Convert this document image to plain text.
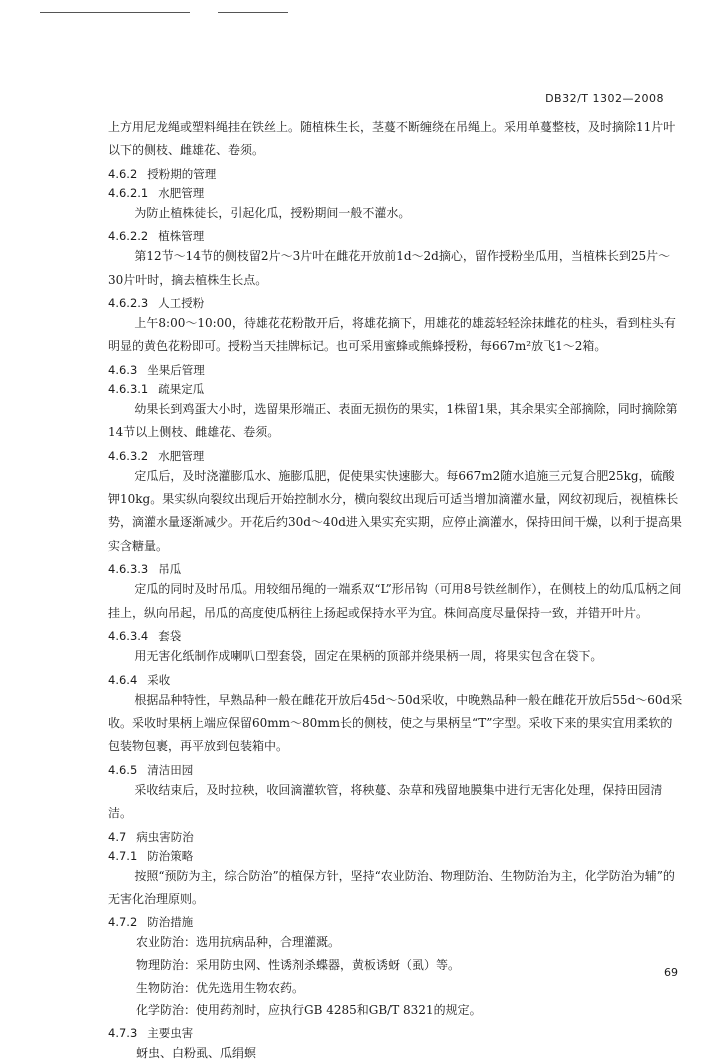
DB32/T 1302—2008
上方用尼龙绳或塑料绳挂在铁丝上。随植株生长，茎蔓不断缠绕在吊绳上。采用单蔓整枝，及时摘除11片叶以下的侧枝、雌雄花、卷须。
4.6.2 授粉期的管理
4.6.2.1 水肥管理
为防止植株徒长，引起化瓜，授粉期间一般不灌水。
4.6.2.2 植株管理
第12节～14节的侧枝留2片～3片叶在雌花开放前1d～2d摘心，留作授粉坐瓜用，当植株长到25片～30片叶时，摘去植株生长点。
4.6.2.3 人工授粉
上午8:00～10:00，待雄花花粉散开后，将雄花摘下，用雄花的雄蕊轻轻涂抹雌花的柱头，看到柱头有明显的黄色花粉即可。授粉当天挂牌标记。也可采用蜜蜂或熊蜂授粉，每667m²放飞1～2箱。
4.6.3 坐果后管理
4.6.3.1 疏果定瓜
幼果长到鸡蛋大小时，选留果形端正、表面无损伤的果实，1株留1果，其余果实全部摘除，同时摘除第14节以上侧枝、雌雄花、卷须。
4.6.3.2 水肥管理
定瓜后，及时浇灌膨瓜水、施膨瓜肥，促使果实快速膨大。每667m2随水追施三元复合肥25kg，硫酸钾10kg。果实纵向裂纹出现后开始控制水分，横向裂纹出现后可适当增加滴灌水量，网纹初现后，视植株长势，滴灌水量逐渐减少。开花后约30d～40d进入果实充实期，应停止滴灌水，保持田间干燥，以利于提高果实含糖量。
4.6.3.3 吊瓜
定瓜的同时及时吊瓜。用较细吊绳的一端系双“L”形吊钩（可用8号铁丝制作），在侧枝上的幼瓜瓜柄之间挂上，纵向吊起，吊瓜的高度使瓜柄往上扬起或保持水平为宜。株间高度尽量保持一致，并错开叶片。
4.6.3.4 套袋
用无害化纸制作成喇叭口型套袋，固定在果柄的顶部并绕果柄一周，将果实包含在袋下。
4.6.4 采收
根据品种特性，早熟品种一般在雌花开放后45d～50d采收，中晚熟品种一般在雌花开放后55d～60d采收。采收时果柄上端应保留60mm～80mm长的侧枝，使之与果柄呈“T”字型。采收下来的果实宜用柔软的包装物包裹，再平放到包装箱中。
4.6.5 清洁田园
采收结束后，及时拉秧，收回滴灌软管，将秧蔓、杂草和残留地膜集中进行无害化处理，保持田园清洁。
4.7 病虫害防治
4.7.1 防治策略
按照“预防为主，综合防治”的植保方针，坚持“农业防治、物理防治、生物防治为主，化学防治为辅”的无害化治理原则。
4.7.2 防治措施
农业防治：选用抗病品种，合理灌溉。
物理防治：采用防虫网、性诱剂杀蝶器，黄板诱蚜（虱）等。
生物防治：优先选用生物农药。
化学防治：使用药剂时，应执行GB 4285和GB/T 8321的规定。
4.7.3 主要虫害
蚜虫、白粉虱、瓜绢螟
69
